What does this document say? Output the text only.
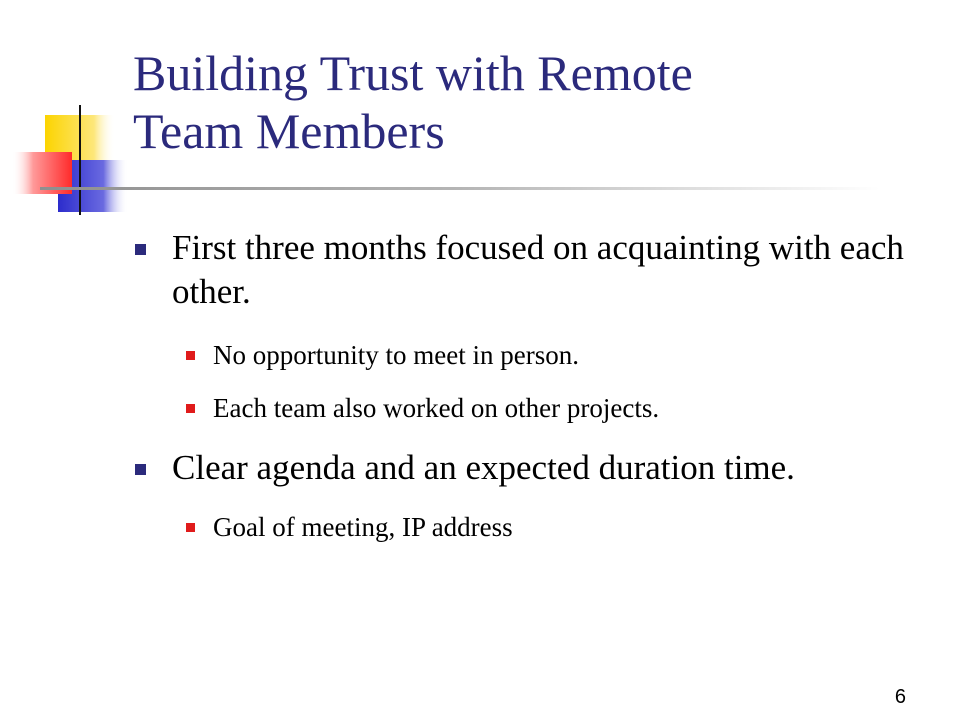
Building Trust with Remote
Team Members
First three months focused on acquainting with each other.
No opportunity to meet in person.
Each team also worked on other projects.
Clear agenda and an expected duration time.
Goal of meeting, IP address
6
